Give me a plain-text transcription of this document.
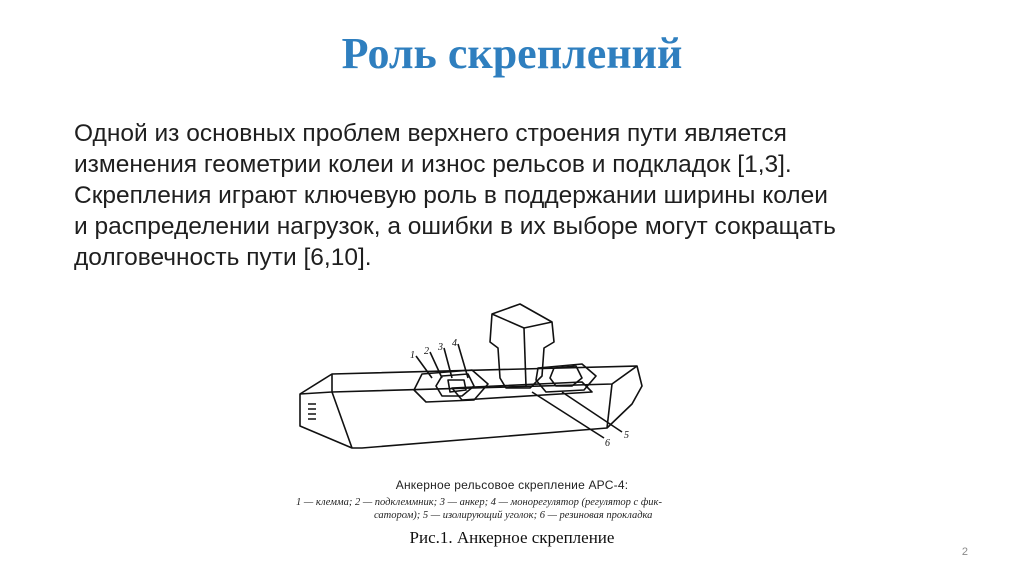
Роль скреплений
Одной из основных проблем верхнего строения пути является
изменения геометрии колеи и износ рельсов и подкладок [1,3].
Скрепления играют ключевую роль в поддержании ширины колеи
и распределении нагрузок, а ошибки в их выборе могут сокращать
долговечность пути [6,10].
1 2 3 4
5
6
Анкерное рельсовое скрепление АРС-4:
1 — клемма; 2 — подклеммник; 3 — анкер; 4 — монорегулятор (регулятор с фик-
сатором); 5 — изолирующий уголок; 6 — резиновая прокладка
Рис.1. Анкерное скрепление
2
